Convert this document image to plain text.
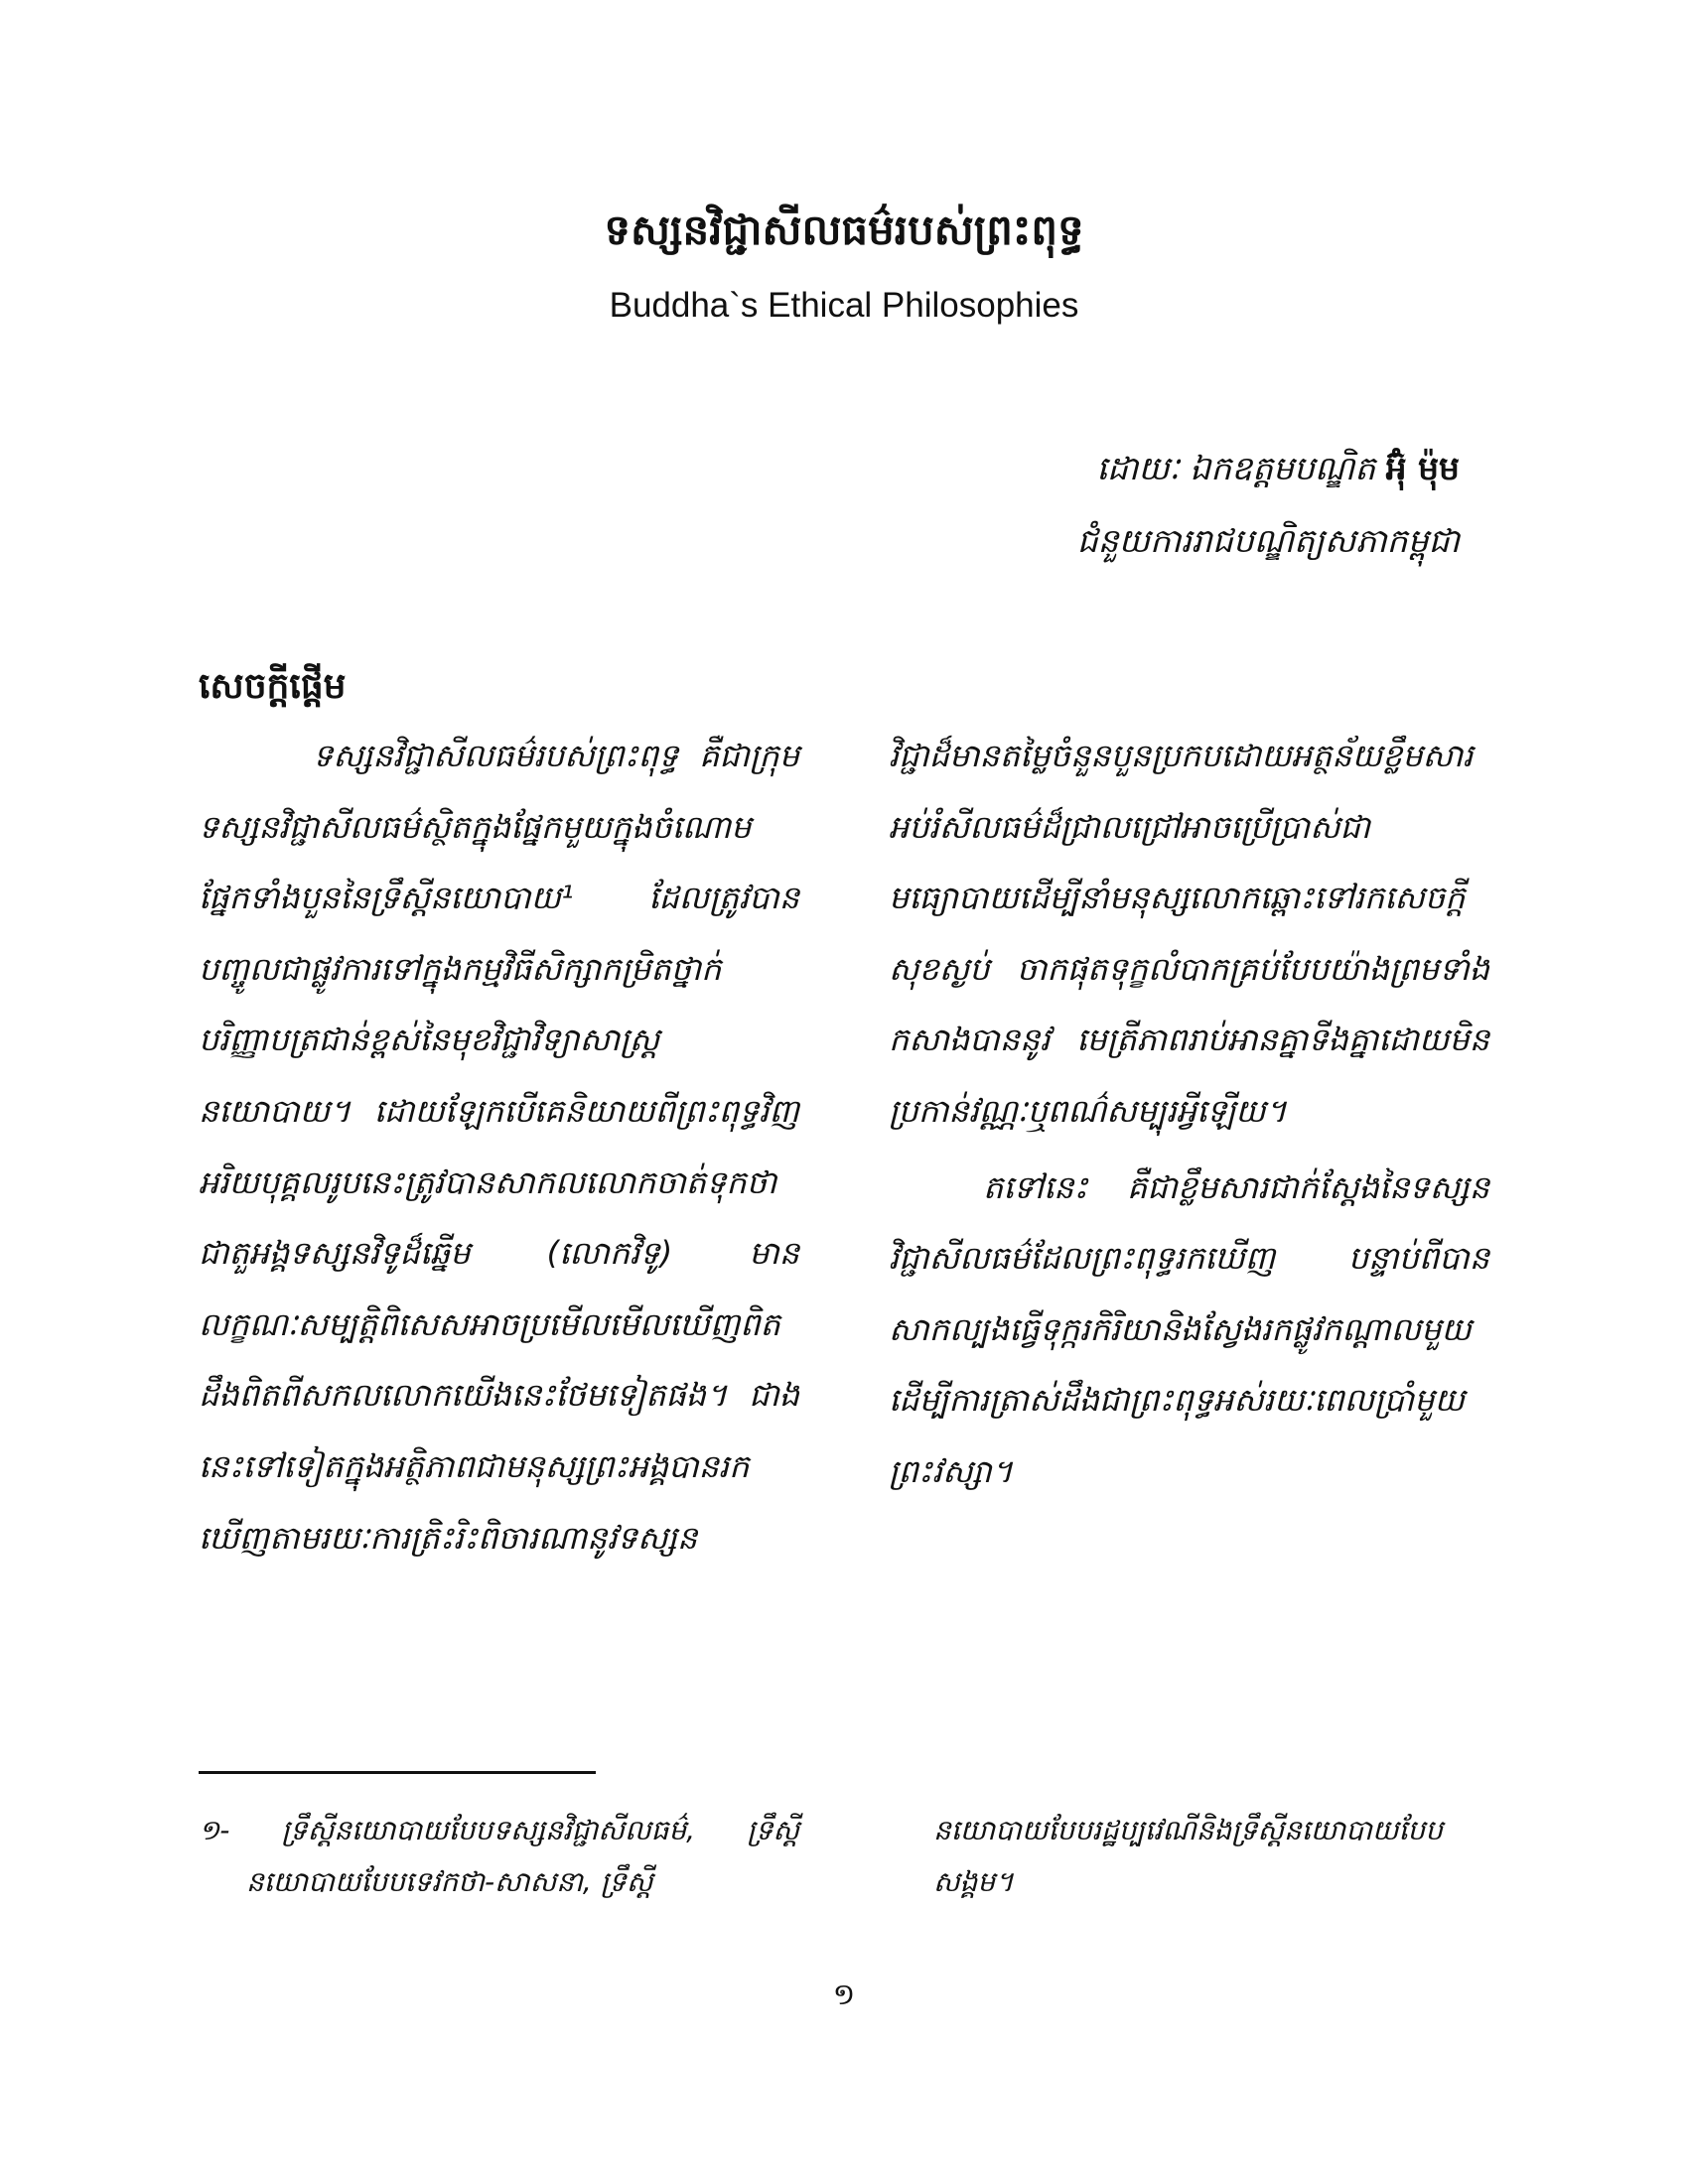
ទស្សនវិជ្ជាសីលធម៌របស់ព្រះពុទ្ធ
Buddha`s Ethical Philosophies
ដោយៈ ឯកឧត្តមបណ្ឌិត អ៊ុំ ម៉ុម
ជំនួយការរាជបណ្ឌិត្យសភាកម្ពុជា
សេចក្តីផ្តើម
ទស្សនវិជ្ជាសីលធម៌របស់ព្រះពុទ្ធ គឺជាក្រុមទស្សនវិជ្ជាសីលធម៌ស្ថិតក្នុងផ្នែកមួយក្នុងចំណោមផ្នែកទាំងបួននៃទ្រឹស្តីនយោបាយ¹ ដែលត្រូវបានបញ្ចូលជាផ្លូវការទៅក្នុងកម្មវិធីសិក្សាកម្រិតថ្នាក់បរិញ្ញាបត្រជាន់ខ្ពស់នៃមុខវិជ្ជាវិទ្យាសាស្ត្រនយោបាយ។ ដោយឡែកបើគេនិយាយពីព្រះពុទ្ធវិញ អរិយបុគ្គលរូបនេះត្រូវបានសាកលលោកចាត់ទុកថាជាតួអង្គទស្សនវិទូដ៏ឆ្នើម (លោកវិទូ) មានលក្ខណៈសម្បត្តិពិសេសអាចប្រមើលមើលឃើញពិតដឹងពិតពីសកលលោកយើងនេះថែមទៀតផង។ ជាងនេះទៅទៀតក្នុងអត្ថិភាពជាមនុស្សព្រះអង្គបានរកឃើញតាមរយៈការត្រិះរិះពិចារណានូវទស្សន
វិជ្ជាដ៏មានតម្លៃចំនួនបួនប្រកបដោយអត្ថន័យខ្លឹមសារអប់រំសីលធម៌ដ៏ជ្រាលជ្រៅអាចប្រើប្រាស់ជាមធ្យោបាយដើម្បីនាំមនុស្សលោកឆ្ពោះទៅរកសេចក្តីសុខស្ងប់ ចាកផុតទុក្ខលំបាកគ្រប់បែបយ៉ាងព្រមទាំងកសាងបាននូវ មេត្រីភាពរាប់អានគ្នាទីងគ្នាដោយមិនប្រកាន់វណ្ណៈឬពណ៌សម្បុរអ្វីឡើយ។
តទៅនេះ គឺជាខ្លឹមសារជាក់ស្តែងនៃទស្សនវិជ្ជាសីលធម៌ដែលព្រះពុទ្ធរកឃើញ បន្ទាប់ពីបានសាកល្បងធ្វើទុក្ករកិរិយានិងស្វែងរកផ្លូវកណ្តាលមួយ ដើម្បីការត្រាស់ដឹងជាព្រះពុទ្ធអស់រយៈពេលប្រាំមួយព្រះវស្សា។
១- ទ្រឹស្តីនយោបាយបែបទស្សនវិជ្ជាសីលធម៌, ទ្រឹស្តីនយោបាយបែបទេវកថា-សាសនា, ទ្រឹស្តី
នយោបាយបែបរដ្ឋប្បវេណីនិងទ្រឹស្តីនយោបាយបែបសង្គម។
១
